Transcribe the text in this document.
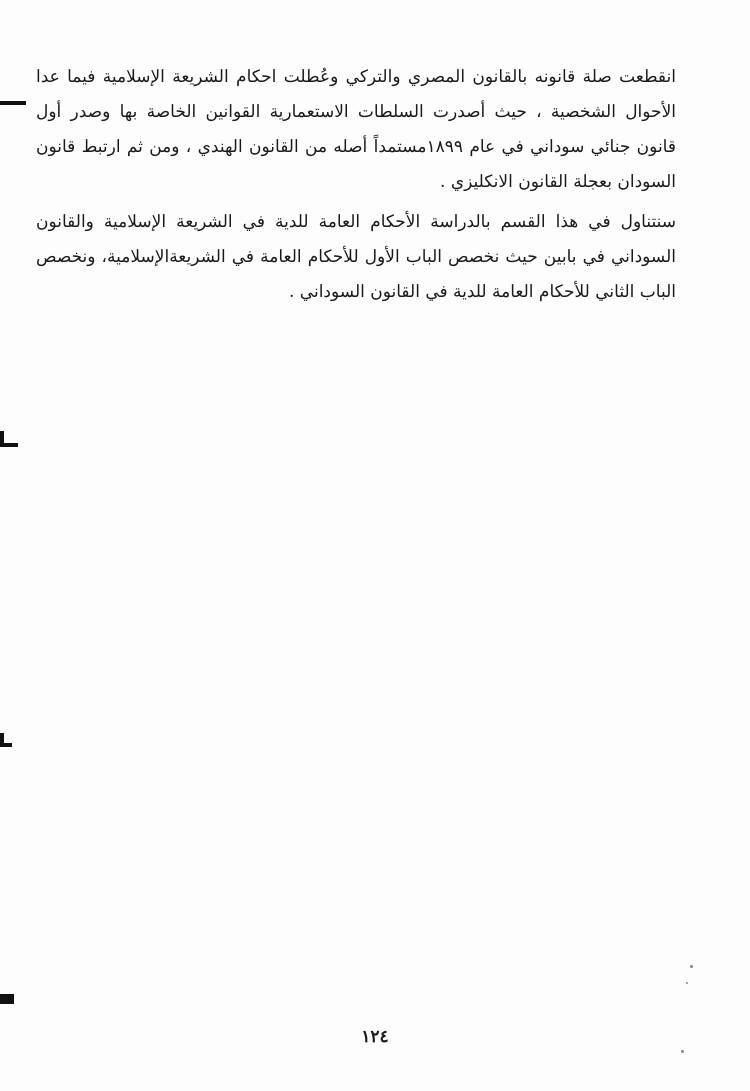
انقطعت صلة قانونه بالقانون المصري والتركي وعُطلت احكام الشريعة الإسلامية فيما عدا
الأحوال الشخصية ، حيث أصدرت السلطات الاستعمارية القوانين الخاصة بها وصدر أول
قانون جنائي سوداني في عام ١٨٩٩مستمداً أصله من القانون الهندي ، ومن ثم ارتبط قانون
السودان بعجلة القانون الانكليزي .

سنتناول في هذا القسم بالدراسة الأحكام العامة للدية في الشريعة الإسلامية والقانون
السوداني في بابين حيث نخصص الباب الأول للأحكام العامة في الشريعةالإسلامية، ونخصص
الباب الثاني للأحكام العامة للدية في القانون السوداني .

١٢٤
